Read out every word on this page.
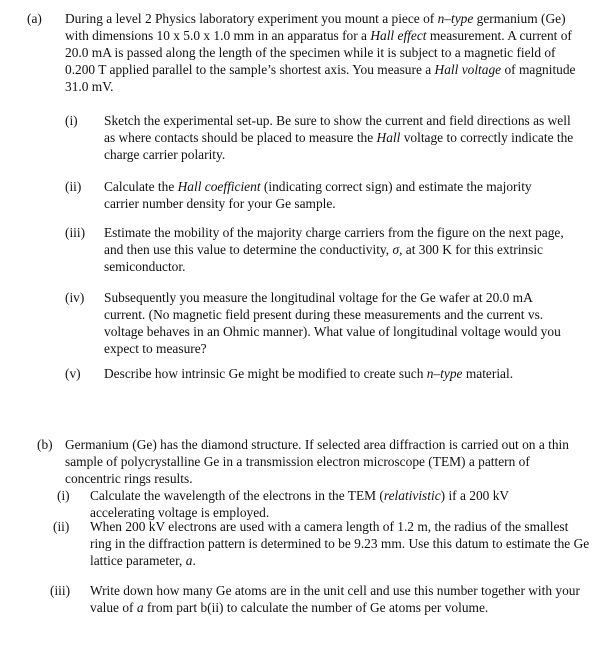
(a) During a level 2 Physics laboratory experiment you mount a piece of n–type germanium (Ge) with dimensions 10 x 5.0 x 1.0 mm in an apparatus for a Hall effect measurement. A current of 20.0 mA is passed along the length of the specimen while it is subject to a magnetic field of 0.200 T applied parallel to the sample’s shortest axis. You measure a Hall voltage of magnitude 31.0 mV.

(i) Sketch the experimental set-up. Be sure to show the current and field directions as well as where contacts should be placed to measure the Hall voltage to correctly indicate the charge carrier polarity.

(ii) Calculate the Hall coefficient (indicating correct sign) and estimate the majority carrier number density for your Ge sample.

(iii) Estimate the mobility of the majority charge carriers from the figure on the next page, and then use this value to determine the conductivity, σ, at 300 K for this extrinsic semiconductor.

(iv) Subsequently you measure the longitudinal voltage for the Ge wafer at 20.0 mA current. (No magnetic field present during these measurements and the current vs. voltage behaves in an Ohmic manner). What value of longitudinal voltage would you expect to measure?

(v) Describe how intrinsic Ge might be modified to create such n–type material.

(b) Germanium (Ge) has the diamond structure. If selected area diffraction is carried out on a thin sample of polycrystalline Ge in a transmission electron microscope (TEM) a pattern of concentric rings results.

(i) Calculate the wavelength of the electrons in the TEM (relativistic) if a 200 kV accelerating voltage is employed.

(ii) When 200 kV electrons are used with a camera length of 1.2 m, the radius of the smallest ring in the diffraction pattern is determined to be 9.23 mm. Use this datum to estimate the Ge lattice parameter, a.

(iii) Write down how many Ge atoms are in the unit cell and use this number together with your value of a from part b(ii) to calculate the number of Ge atoms per volume.
